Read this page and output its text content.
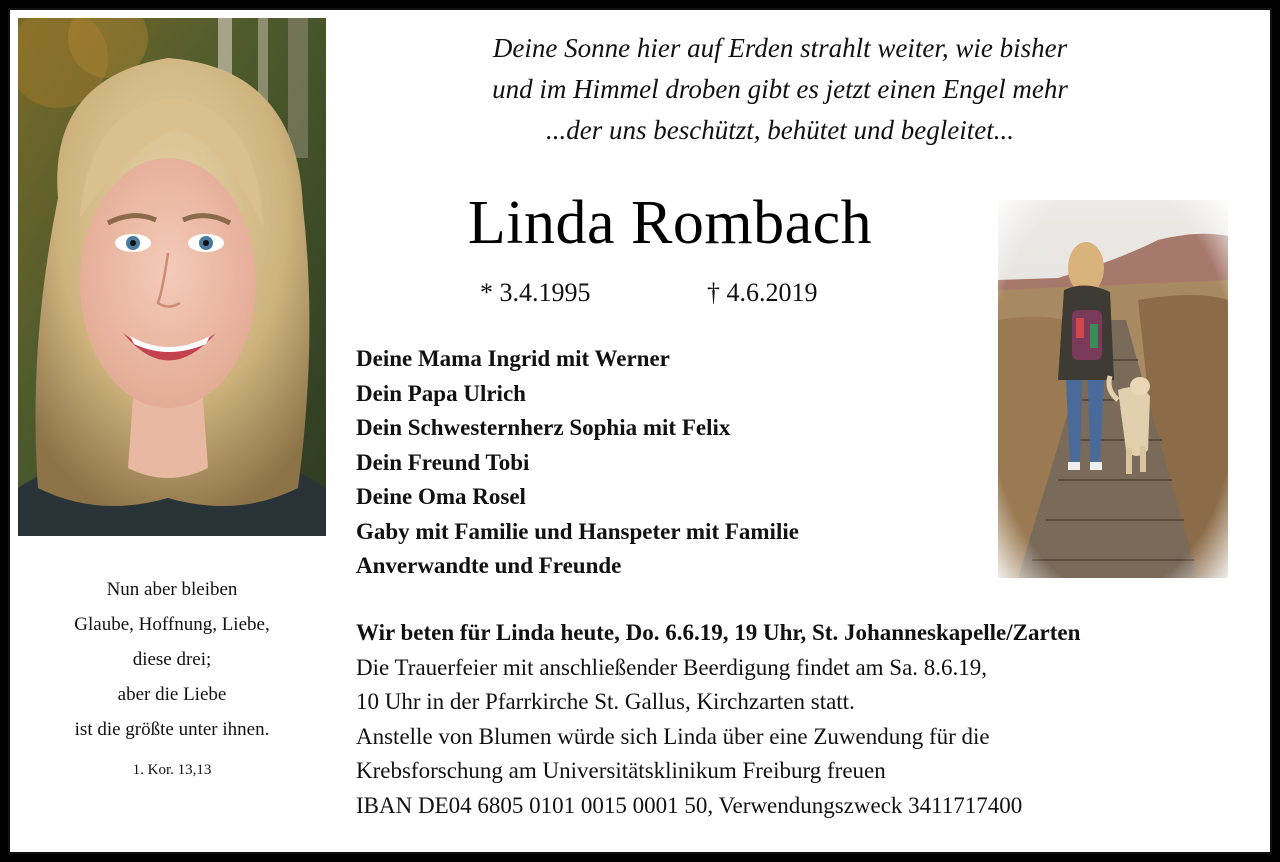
Nun aber bleiben
Glaube, Hoffnung, Liebe,
diese drei;
aber die Liebe
ist die größte unter ihnen.
1. Kor. 13,13
Deine Sonne hier auf Erden strahlt weiter, wie bisher
und im Himmel droben gibt es jetzt einen Engel mehr
...der uns beschützt, behütet und begleitet...
Linda Rombach
* 3.4.1995	† 4.6.2019
Deine Mama Ingrid mit Werner
Dein Papa Ulrich
Dein Schwesternherz Sophia mit Felix
Dein Freund Tobi
Deine Oma Rosel
Gaby mit Familie und Hanspeter mit Familie
Anverwandte und Freunde
Wir beten für Linda heute, Do. 6.6.19, 19 Uhr, St. Johanneskapelle/Zarten
Die Trauerfeier mit anschließender Beerdigung findet am Sa. 8.6.19,
10 Uhr in der Pfarrkirche St. Gallus, Kirchzarten statt.
Anstelle von Blumen würde sich Linda über eine Zuwendung für die
Krebsforschung am Universitätsklinikum Freiburg freuen
IBAN DE04 6805 0101 0015 0001 50, Verwendungszweck 3411717400
